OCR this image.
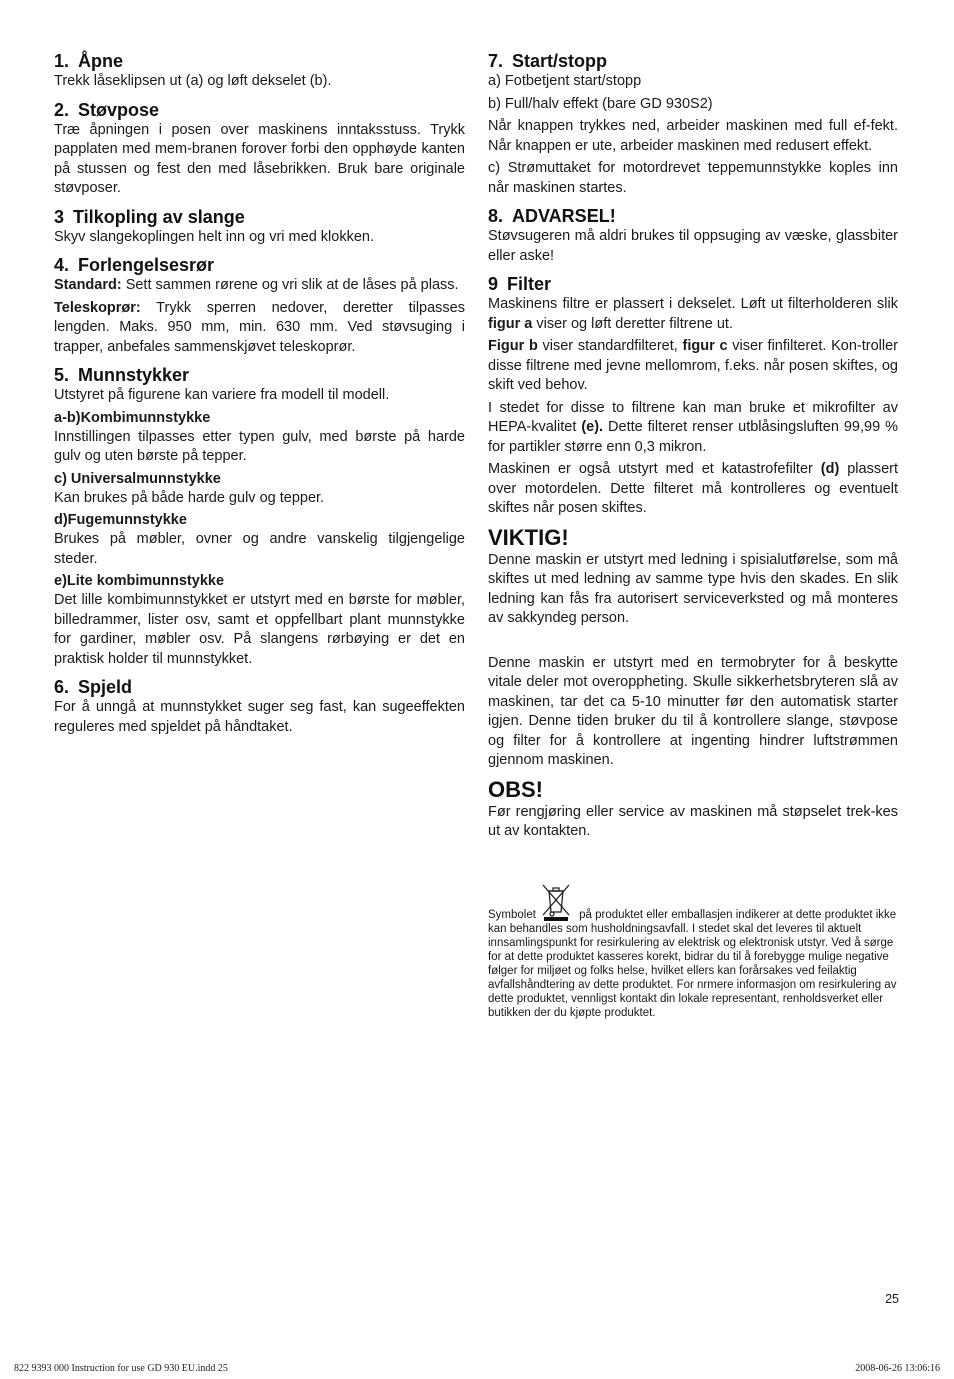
1. Åpne

Trekk låseklipsen ut (a) og løft dekselet (b).

2. Støvpose

Træ åpningen i posen over maskinens inntaksstuss. Trykk papplaten med mem-branen forover forbi den opphøyde kanten på stussen og fest den med låsebrikken. Bruk bare originale støvposer.

3 Tilkopling av slange

Skyv slangekoplingen helt inn og vri med klokken.

4. Forlengelsesrør

Standard: Sett sammen rørene og vri slik at de låses på plass.

Teleskoprør: Trykk sperren nedover, deretter tilpasses lengden. Maks. 950 mm, min. 630 mm. Ved støvsuging i trapper, anbefales sammenskjøvet teleskoprør.

5. Munnstykker

Utstyret på figurene kan variere fra modell til modell.

a-b)Kombimunnstykke

Innstillingen tilpasses etter typen gulv, med børste på harde gulv og uten børste på tepper.

c) Universalmunnstykke

Kan brukes på både harde gulv og tepper.

d)Fugemunnstykke

Brukes på møbler, ovner og andre vanskelig tilgjengelige steder.

e)Lite kombimunnstykke

Det lille kombimunnstykket er utstyrt med en børste for møbler, billedrammer, lister osv, samt et oppfellbart plant munnstykke for gardiner, møbler osv. På slangens rørbøying er det en praktisk holder til munnstykket.

6. Spjeld

For å unngå at munnstykket suger seg fast, kan sugeeffekten reguleres med spjeldet på håndtaket.

7. Start/stopp

a) Fotbetjent start/stopp

b) Full/halv effekt (bare GD 930S2)

Når knappen trykkes ned, arbeider maskinen med full ef-fekt. Når knappen er ute, arbeider maskinen med redusert effekt.

c) Strømuttaket for motordrevet teppemunnstykke koples inn når maskinen startes.

8. ADVARSEL!

Støvsugeren må aldri brukes til oppsuging av væske, glassbiter eller aske!

9 Filter

Maskinens filtre er plassert i dekselet. Løft ut filterholderen slik figur a viser og løft deretter filtrene ut.

Figur b viser standardfilteret, figur c viser finfilteret. Kon-troller disse filtrene med jevne mellomrom, f.eks. når posen skiftes, og skift ved behov.

I stedet for disse to filtrene kan man bruke et mikrofilter av HEPA-kvalitet (e). Dette filteret renser utblåsingsluften 99,99 % for partikler større enn 0,3 mikron.

Maskinen er også utstyrt med et katastrofefilter (d) plassert over motordelen. Dette filteret må kontrolleres og eventuelt skiftes når posen skiftes.

VIKTIG!

Denne maskin er utstyrt med ledning i spisialutførelse, som må skiftes ut med ledning av samme type hvis den skades. En slik ledning kan fås fra autorisert serviceverksted og må monteres av sakkyndeg person.

Denne maskin er utstyrt med en termobryter for å beskytte vitale deler mot overoppheting. Skulle sikkerhetsbryteren slå av maskinen, tar det ca 5-10 minutter før den automatisk starter igjen. Denne tiden bruker du til å kontrollere slange, støvpose og filter for å kontrollere at ingenting hindrer luftstrømmen gjennom maskinen.

OBS!

Før rengjøring eller service av maskinen må støpselet trek-kes ut av kontakten.

Symbolet	på produktet eller emballasjen indikerer at dette produktet ikke kan behandles som husholdningsavfall. I stedet skal det leveres til aktuelt innsamlingspunkt for resirkulering av elektrisk og elektronisk utstyr. Ved å sørge for at dette produktet kasseres korekt, bidrar du til å forebygge mulige negative følger for miljøet og folks helse, hvilket ellers kan forårsakes ved feilaktig avfallshåndtering av dette produktet. For nrmere informasjon om resirkulering av dette produktet, vennligst kontakt din lokale representant, renholdsverket eller butikken der du kjøpte produktet.
25
822 9393 000 Instruction for use GD 930 EU.indd 25	2008-06-26 13:06:16
